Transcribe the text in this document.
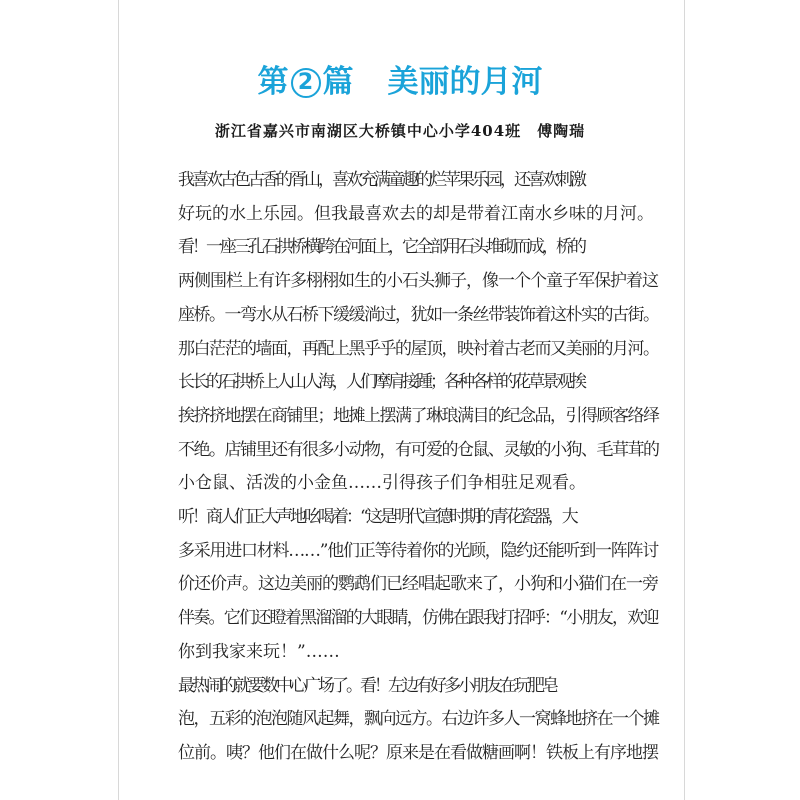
第 2 篇 美丽的月河
浙江省嘉兴市南湖区大桥镇中心小学404班 傅陶瑞
我喜欢古色古香的胥山，喜欢充满童趣的烂苹果乐园，还喜欢刺激
好玩的水上乐园。但我最喜欢去的却是带着江南水乡味的月河。
看！一座三孔石拱桥横跨在河面上，它全部用石头堆砌而成，桥的
两侧围栏上有许多栩栩如生的小石头狮子，像一个个童子军保护着这
座桥。一弯水从石桥下缓缓淌过，犹如一条丝带装饰着这朴实的古街。
那白茫茫的墙面，再配上黑乎乎的屋顶，映衬着古老而又美丽的月河。
长长的石拱桥上人山人海，人们摩肩接踵；各种各样的花草景观挨
挨挤挤地摆在商铺里；地摊上摆满了琳琅满目的纪念品，引得顾客络绎
不绝。店铺里还有很多小动物，有可爱的仓鼠、灵敏的小狗、毛茸茸的
小仓鼠、活泼的小金鱼……引得孩子们争相驻足观看。
听！商人们正大声地吆喝着：“这是明代宣德时期的青花瓷器，大
多采用进口材料……”他们正等待着你的光顾，隐约还能听到一阵阵讨
价还价声。这边美丽的鹦鹉们已经唱起歌来了，小狗和小猫们在一旁
伴奏。它们还瞪着黑溜溜的大眼睛，仿佛在跟我打招呼：“小朋友，欢迎
你到我家来玩！”……
最热闹的就要数中心广场了。看！左边有好多小朋友在玩肥皂
泡，五彩的泡泡随风起舞，飘向远方。右边许多人一窝蜂地挤在一个摊
位前。咦？他们在做什么呢？原来是在看做糖画啊！铁板上有序地摆
